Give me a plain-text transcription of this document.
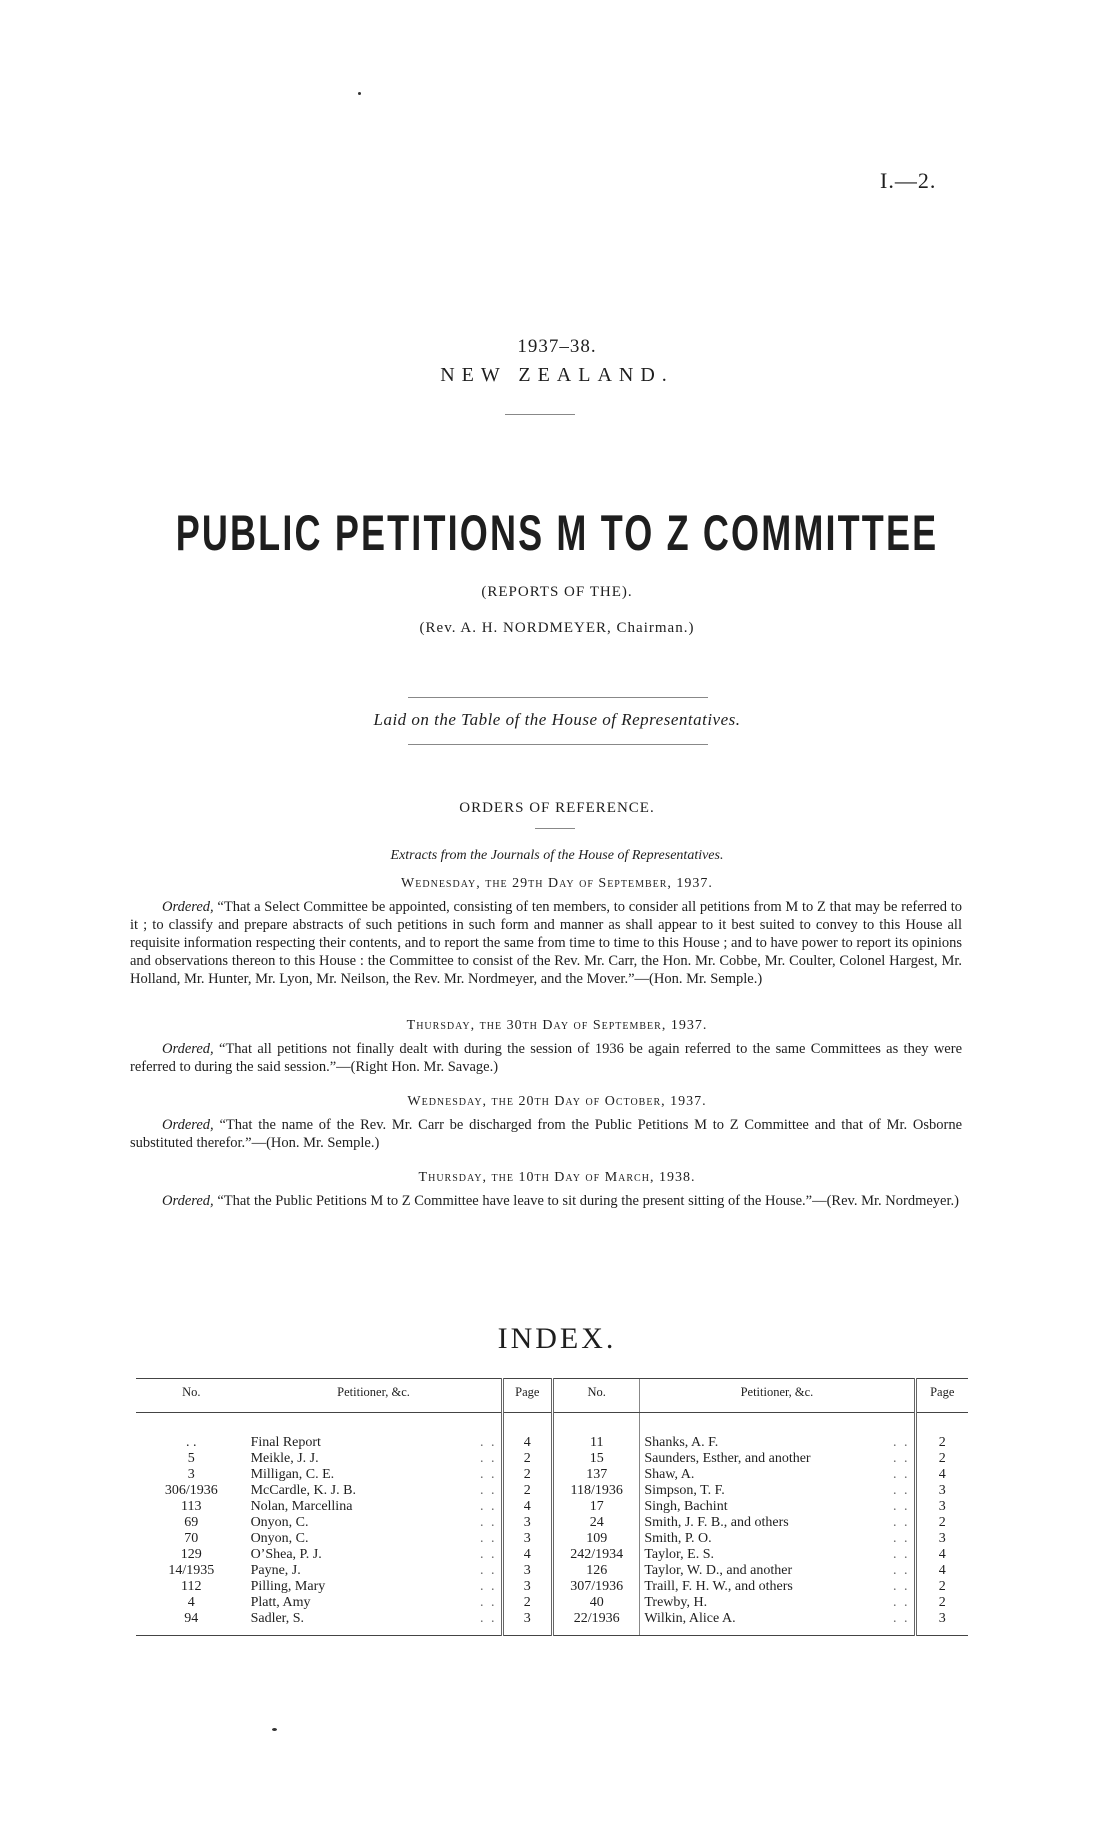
I.—2.
1937–38.
NEW ZEALAND.
PUBLIC PETITIONS M TO Z COMMITTEE
(REPORTS OF THE).
(Rev. A. H. NORDMEYER, Chairman.)
Laid on the Table of the House of Representatives.
ORDERS OF REFERENCE.
Extracts from the Journals of the House of Representatives.
Wednesday, the 29th Day of September, 1937.

Ordered, “That a Select Committee be appointed, consisting of ten members, to consider all petitions from M to Z that may be referred to it ; to classify and prepare abstracts of such petitions in such form and manner as shall appear to it best suited to convey to this House all requisite information respecting their contents, and to report the same from time to time to this House ; and to have power to report its opinions and observations thereon to this House : the Committee to consist of the Rev. Mr. Carr, the Hon. Mr. Cobbe, Mr. Coulter, Colonel Hargest, Mr. Holland, Mr. Hunter, Mr. Lyon, Mr. Neilson, the Rev. Mr. Nordmeyer, and the Mover.”—(Hon. Mr. Semple.)

Thursday, the 30th Day of September, 1937.

Ordered, “That all petitions not finally dealt with during the session of 1936 be again referred to the same Committees as they were referred to during the said session.”—(Right Hon. Mr. Savage.)

Wednesday, the 20th Day of October, 1937.

Ordered, “That the name of the Rev. Mr. Carr be discharged from the Public Petitions M to Z Committee and that of Mr. Osborne substituted therefor.”—(Hon. Mr. Semple.)

Thursday, the 10th Day of March, 1938.

Ordered, “That the Public Petitions M to Z Committee have leave to sit during the present sitting of the House.”—(Rev. Mr. Nordmeyer.)

INDEX.
No.	Petitioner, &c.	Page	No.	Petitioner, &c.	Page
. .	Final Report . .	4	11	Shanks, A. F. . .	2
5	Meikle, J. J. . .	2	15	Saunders, Esther, and another . .	2
3	Milligan, C. E. . .	2	137	Shaw, A. . .	4
306/1936	McCardle, K. J. B. . .	2	118/1936	Simpson, T. F. . .	3
113	Nolan, Marcellina . .	4	17	Singh, Bachint . .	3
69	Onyon, C. . .	3	24	Smith, J. F. B., and others . .	2
70	Onyon, C. . .	3	109	Smith, P. O. . .	3
129	O’Shea, P. J. . .	4	242/1934	Taylor, E. S. . .	4
14/1935	Payne, J. . .	3	126	Taylor, W. D., and another . .	4
112	Pilling, Mary . .	3	307/1936	Traill, F. H. W., and others . .	2
4	Platt, Amy . .	2	40	Trewby, H. . .	2
94	Sadler, S. . .	3	22/1936	Wilkin, Alice A. . .	3
